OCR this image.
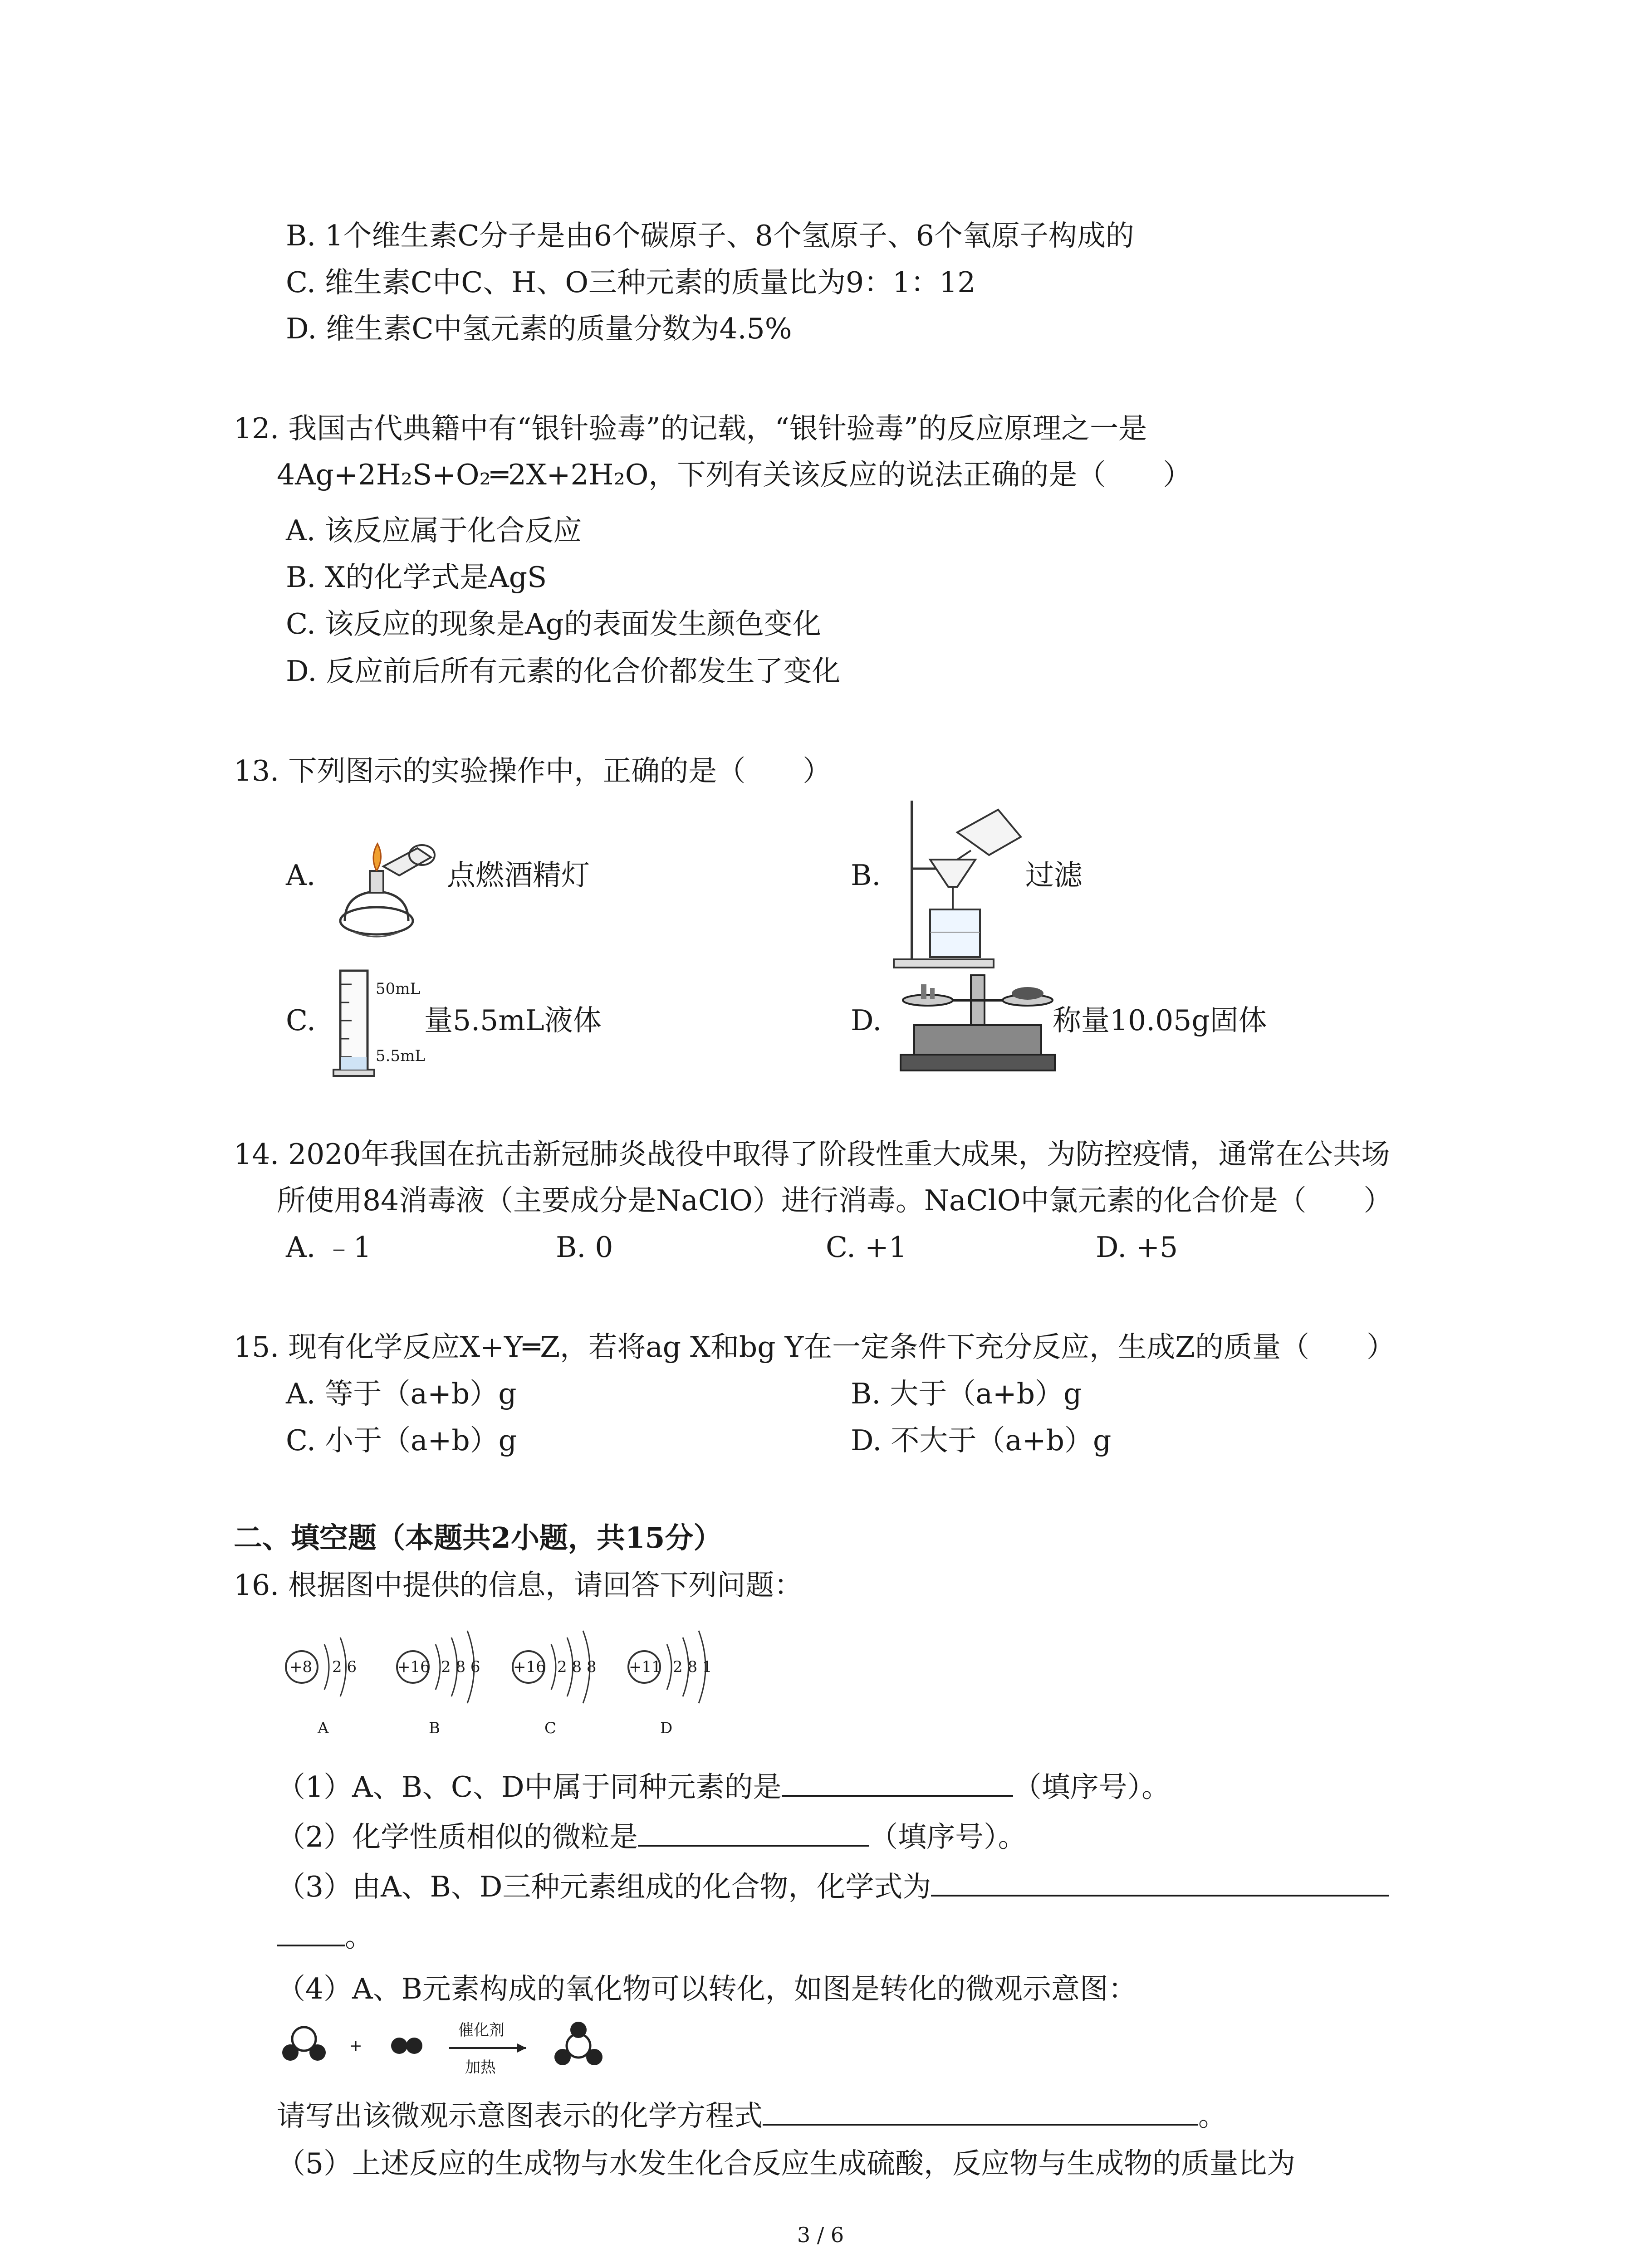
B. 1个维生素C分子是由6个碳原子、8个氢原子、6个氧原子构成的
C. 维生素C中C、H、O三种元素的质量比为9：1：12
D. 维生素C中氢元素的质量分数为4.5%
12. 我国古代典籍中有“银针验毒”的记载，“银针验毒”的反应原理之一是
4Ag+2H₂S+O₂═2X+2H₂O，下列有关该反应的说法正确的是（　　）
A. 该反应属于化合反应
B. X的化学式是AgS
C. 该反应的现象是Ag的表面发生颜色变化
D. 反应前后所有元素的化合价都发生了变化
13. 下列图示的实验操作中，正确的是（　　）
A.	点燃酒精灯	B.	过滤
C.
50mL
5.5mL
量5.5mL液体	D.	称量10.05g固体
14. 2020年我国在抗击新冠肺炎战役中取得了阶段性重大成果，为防控疫情，通常在公共场
所使用84消毒液（主要成分是NaClO）进行消毒。NaClO中氯元素的化合价是（　　）
A. ﹣1	B. 0	C. +1	D. +5
15. 现有化学反应X+Y═Z，若将ag X和bg Y在一定条件下充分反应，生成Z的质量（　　）
A. 等于（a+b）g	B. 大于（a+b）g
C. 小于（a+b）g	D. 不大于（a+b）g
二、填空题（本题共2小题，共15分）
16. 根据图中提供的信息，请回答下列问题：
+8 2 6	+16 2 8 6 +16 2 8 8 +11 2 8 1
A	B	C	D
（1）A、B、C、D中属于同种元素的是	（填序号）。
（2）化学性质相似的微粒是	（填序号）。
（3）由A、B、D三种元素组成的化合物，化学式为
。
（4）A、B元素构成的氧化物可以转化，如图是转化的微观示意图：
+
催化剂
加热
请写出该微观示意图表示的化学方程式	。
（5）上述反应的生成物与水发生化合反应生成硫酸，反应物与生成物的质量比为
3 / 6
